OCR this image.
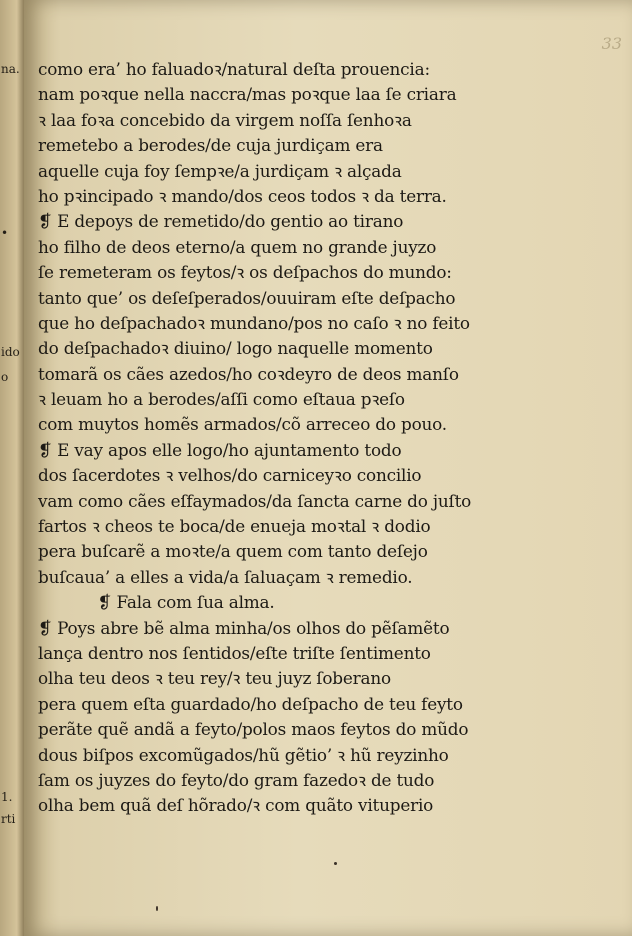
na.
•
ido
o
1.
rti
33
como era’ ho faluadoꝛ/natural deſta prouencia:
nam poꝛque nella naccra/mas poꝛque laa ſe criara
ꝛ laa foꝛa concebido da virgem noſſa ſenhoꝛa
remetebo a berodes/de cuja jurdiçam era
aquelle cuja foy ſempꝛe/a jurdiçam ꝛ alçada
ho pꝛincipado ꝛ mando/dos ceos todos ꝛ da terra.
❡ E depoys de remetido/do gentio ao tirano
ho filho de deos eterno/a quem no grande juyzo
ſe remeteram os feytos/ꝛ os deſpachos do mundo:
tanto que’ os deſeſperados/ouuiram eſte deſpacho
que ho deſpachadoꝛ mundano/pos no caſo ꝛ no feito
do deſpachadoꝛ diuino/ logo naquelle momento
tomarã os cães azedos/ho coꝛdeyro de deos manſo
ꝛ leuam ho a berodes/aſſi como eſtaua pꝛeſo
com muytos homẽs armados/cõ arreceo do pouo.
❡ E vay apos elle logo/ho ajuntamento todo
dos ſacerdotes ꝛ velhos/do carniceyꝛo concilio
vam como cães eſfaymados/da ſancta carne do juſto
fartos ꝛ cheos te boca/de enueja moꝛtal ꝛ dodio
pera buſcarẽ a moꝛte/a quem com tanto deſejo
buſcaua’ a elles a vida/a ſaluaçam ꝛ remedio.
❡ Fala com ſua alma.
❡ Poys abre bẽ alma minha/os olhos do pẽſamẽto
lança dentro nos ſentidos/eſte triſte ſentimento
olha teu deos ꝛ teu rey/ꝛ teu juyz ſoberano
pera quem eſta guardado/ho deſpacho de teu feyto
perãte quẽ andã a feyto/polos maos feytos do mũdo
dous biſpos excomũgados/hũ gẽtio’ ꝛ hũ reyzinho
ſam os juyzes do feyto/do gram fazedoꝛ de tudo
olha bem quã deſ hõrado/ꝛ com quãto vituperio
